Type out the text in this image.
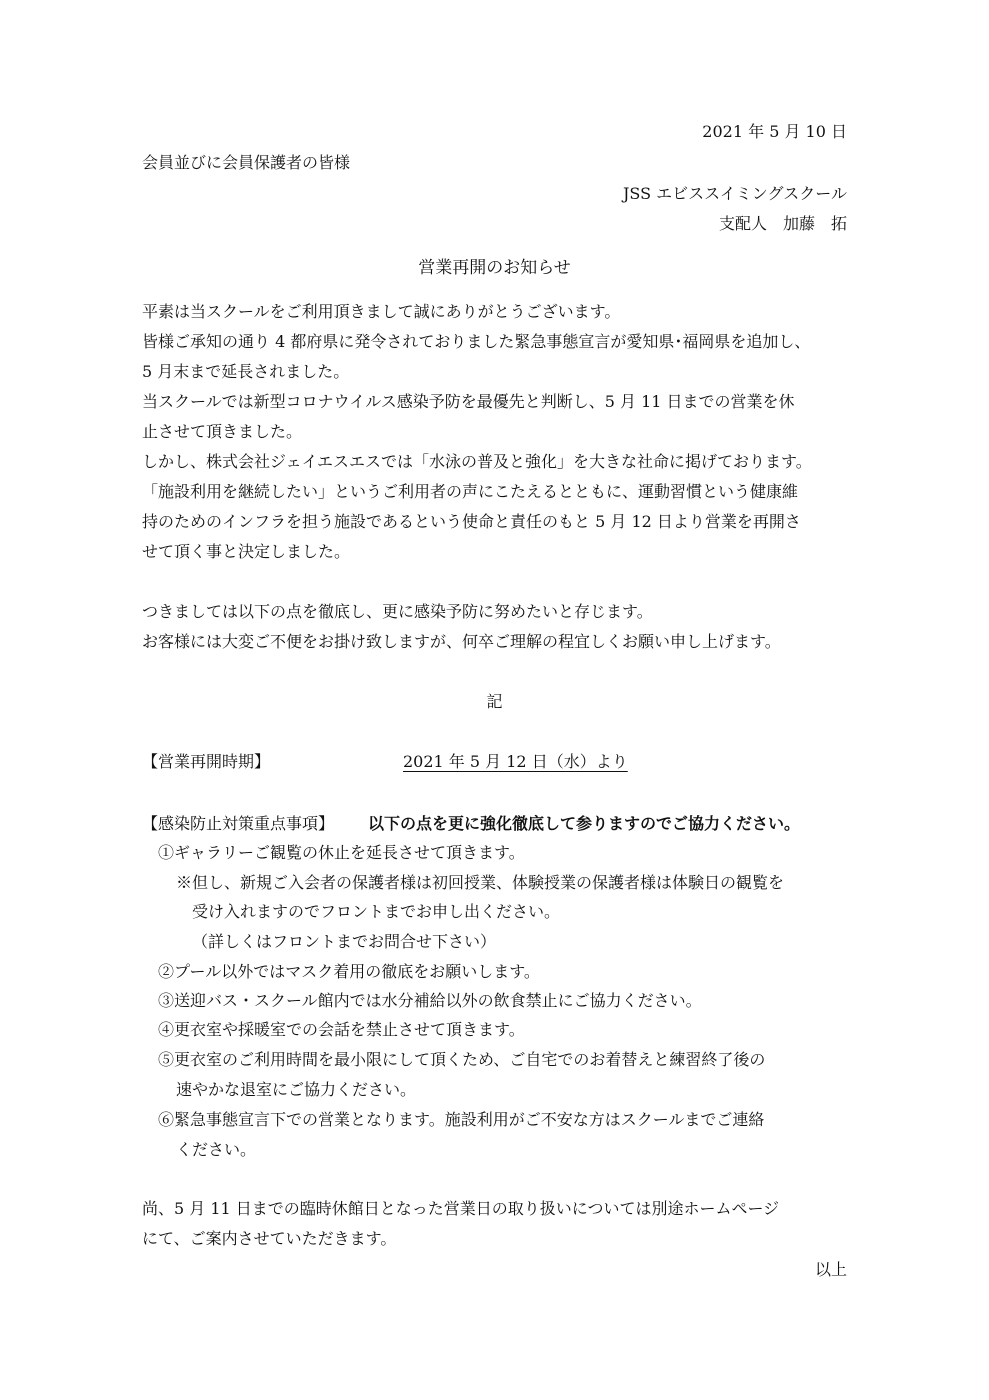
2021 年 5 月 10 日
会員並びに会員保護者の皆様
JSS エビススイミングスクール
支配人　加藤　拓
営業再開のお知らせ
平素は当スクールをご利用頂きまして誠にありがとうございます。
皆様ご承知の通り 4 都府県に発令されておりました緊急事態宣言が愛知県･福岡県を追加し、
5 月末まで延長されました。
当スクールでは新型コロナウイルス感染予防を最優先と判断し、5 月 11 日までの営業を休
止させて頂きました。
しかし、株式会社ジェイエスエスでは「水泳の普及と強化」を大きな社命に掲げております。
「施設利用を継続したい」というご利用者の声にこたえるとともに、運動習慣という健康維
持のためのインフラを担う施設であるという使命と責任のもと 5 月 12 日より営業を再開さ
せて頂く事と決定しました。
つきましては以下の点を徹底し、更に感染予防に努めたいと存じます。
お客様には大変ご不便をお掛け致しますが、何卒ご理解の程宜しくお願い申し上げます。
記
【営業再開時期】	2021 年 5 月 12 日（水）より
【感染防止対策重点事項】 以下の点を更に強化徹底して参りますのでご協力ください。
①ギャラリーご観覧の休止を延長させて頂きます。
※但し、新規ご入会者の保護者様は初回授業、体験授業の保護者様は体験日の観覧を
受け入れますのでフロントまでお申し出ください。
（詳しくはフロントまでお問合せ下さい）
②プール以外ではマスク着用の徹底をお願いします。
③送迎バス・スクール館内では水分補給以外の飲食禁止にご協力ください。
④更衣室や採暖室での会話を禁止させて頂きます。
⑤更衣室のご利用時間を最小限にして頂くため、ご自宅でのお着替えと練習終了後の
速やかな退室にご協力ください。
⑥緊急事態宣言下での営業となります。施設利用がご不安な方はスクールまでご連絡
ください。
尚、5 月 11 日までの臨時休館日となった営業日の取り扱いについては別途ホームページ
にて、ご案内させていただきます。
以上
